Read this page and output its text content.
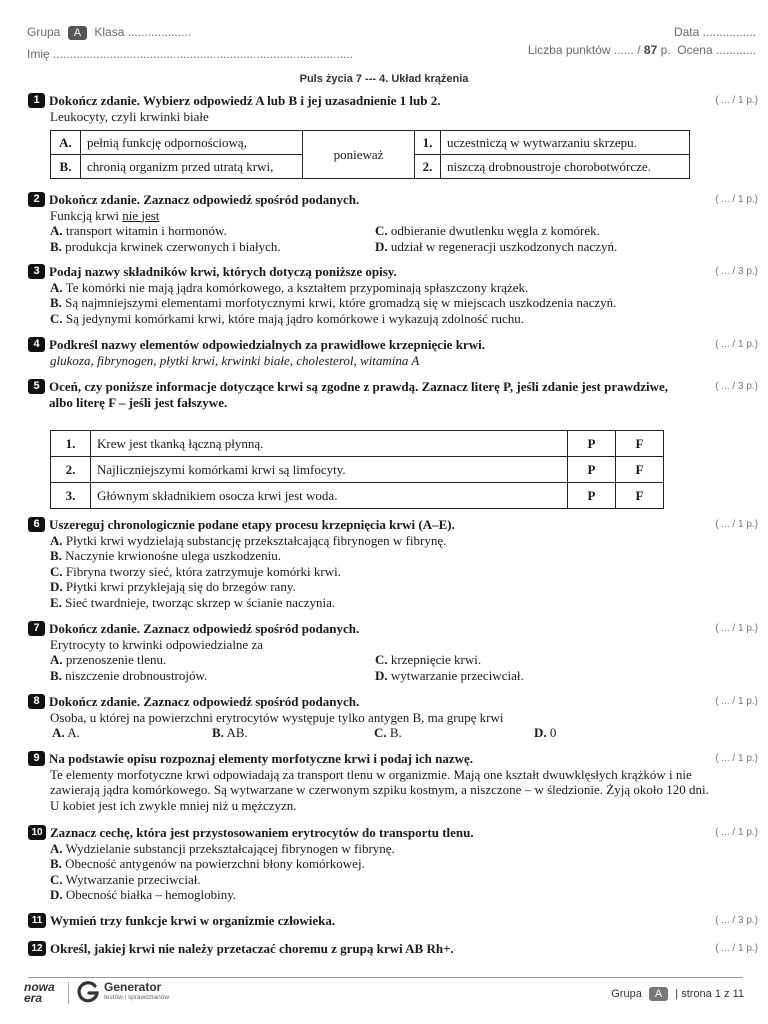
Grupa A Klasa ...................	Data ................
Imię ..........................................................................................	Liczba punktów ...... / 87 p. Ocena ............
Puls życia 7 --- 4. Układ krążenia
( ... / 1 p.)
1 Dokończ zdanie. Wybierz odpowiedź A lub B i jej uzasadnienie 1 lub 2.
Leukocyty, czyli krwinki białe
A.	pełnią funkcję odpornościową,	ponieważ	1.	uczestniczą w wytwarzaniu skrzepu.
B.	chronią organizm przed utratą krwi,		2.	niszczą drobnoustroje chorobotwórcze.
( ... / 1 p.)
2 Dokończ zdanie. Zaznacz odpowiedź spośród podanych.
Funkcją krwi nie jest
A. transport witamin i hormonów.	C. odbieranie dwutlenku węgla z komórek.
B. produkcja krwinek czerwonych i białych.	D. udział w regeneracji uszkodzonych naczyń.
( ... / 3 p.)
3 Podaj nazwy składników krwi, których dotyczą poniższe opisy.
A. Te komórki nie mają jądra komórkowego, a kształtem przypominają spłaszczony krążek.
B. Są najmniejszymi elementami morfotycznymi krwi, które gromadzą się w miejscach uszkodzenia naczyń.
C. Są jedynymi komórkami krwi, które mają jądro komórkowe i wykazują zdolność ruchu.
( ... / 1 p.)
4 Podkreśl nazwy elementów odpowiedzialnych za prawidłowe krzepnięcie krwi.
glukoza, fibrynogen, płytki krwi, krwinki białe, cholesterol, witamina A
( ... / 3 p.)
5 Oceń, czy poniższe informacje dotyczące krwi są zgodne z prawdą. Zaznacz literę P, jeśli zdanie jest prawdziwe, albo literę F – jeśli jest fałszywe.
1.	Krew jest tkanką łączną płynną.	P	F
2.	Najliczniejszymi komórkami krwi są limfocyty.	P	F
3.	Głównym składnikiem osocza krwi jest woda.	P	F
( ... / 1 p.)
6 Uszereguj chronologicznie podane etapy procesu krzepnięcia krwi (A–E).
A. Płytki krwi wydzielają substancję przekształcającą fibrynogen w fibrynę.
B. Naczynie krwionośne ulega uszkodzeniu.
C. Fibryna tworzy sieć, która zatrzymuje komórki krwi.
D. Płytki krwi przyklejają się do brzegów rany.
E. Sieć twardnieje, tworząc skrzep w ścianie naczynia.
( ... / 1 p.)
7 Dokończ zdanie. Zaznacz odpowiedź spośród podanych.
Erytrocyty to krwinki odpowiedzialne za
A. przenoszenie tlenu.	C. krzepnięcie krwi.
B. niszczenie drobnoustrojów.	D. wytwarzanie przeciwciał.
( ... / 1 p.)
8 Dokończ zdanie. Zaznacz odpowiedź spośród podanych.
Osoba, u której na powierzchni erytrocytów występuje tylko antygen B, ma grupę krwi
A. A.	B. AB.	C. B.	D. 0
( ... / 1 p.)
9 Na podstawie opisu rozpoznaj elementy morfotyczne krwi i podaj ich nazwę.
Te elementy morfotyczne krwi odpowiadają za transport tlenu w organizmie. Mają one kształt dwuwklęsłych krążków i nie zawierają jądra komórkowego. Są wytwarzane w czerwonym szpiku kostnym, a niszczone – w śledzionie. Żyją około 120 dni. U kobiet jest ich zwykle mniej niż u mężczyzn.
( ... / 1 p.)
10 Zaznacz cechę, która jest przystosowaniem erytrocytów do transportu tlenu.
A. Wydzielanie substancji przekształcającej fibrynogen w fibrynę.
B. Obecność antygenów na powierzchni błony komórkowej.
C. Wytwarzanie przeciwciał.
D. Obecność białka – hemoglobiny.
( ... / 3 p.)
11 Wymień trzy funkcje krwi w organizmie człowieka.
( ... / 1 p.)
12 Określ, jakiej krwi nie należy przetaczać choremu z grupą krwi AB Rh+.
nowa era
Generator
testów i sprawdzianów	Grupa A | strona 1 z 11
